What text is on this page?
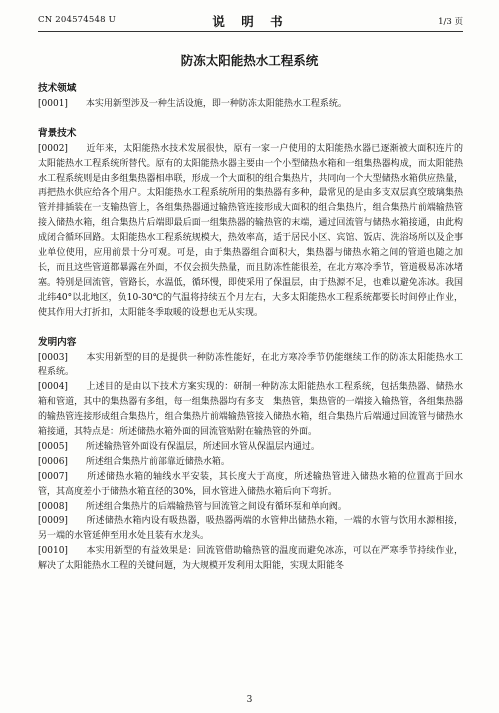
CN 204574548 U	说 明 书	1/3 页
防冻太阳能热水工程系统
技术领域

[0001]　　本实用新型涉及一种生活设施，即一种防冻太阳能热水工程系统。

背景技术

[0002]　　近年来，太阳能热水技术发展很快，原有一家一户使用的太阳能热水器已逐渐被大面积连片的太阳能热水工程系统所替代。原有的太阳能热水器主要由一个小型储热水箱和一组集热器构成，而太阳能热水工程系统则是由多组集热器相串联，形成一个大面积的组合集热片，共同向一个大型储热水箱供应热量，再把热水供应给各个用户。太阳能热水工程系统所用的集热器有多种，最常见的是由多支双层真空玻璃集热管并排插装在一支输热管上，各组集热器通过输热管连接形成大面积的组合集热片，组合集热片前端输热管接入储热水箱，组合集热片后端即最后面一组集热器的输热管的末端，通过回流管与储热水箱接通，由此构成闭合循环回路。太阳能热水工程系统规模大，热效率高，适于居民小区、宾馆、饭店、洗浴场所以及企事业单位使用，应用前景十分可观。可是，由于集热器组合面积大，集热器与储热水箱之间的管道也随之加长，而且这些管道都暴露在外面，不仅会损失热量，而且防冻性能很差，在北方寒冷季节，管道极易冻冰堵塞。特别是回流管，管路长，水温低，循环慢，即使采用了保温层，由于热源不足，也难以避免冻冰。我国北纬40°以北地区，负10-30℃的气温将持续五个月左右，大多太阳能热水工程系统都要长时间停止作业，使其作用大打折扣，太阳能冬季取暖的设想也无从实现。

发明内容

[0003]　　本实用新型的目的是提供一种防冻性能好，在北方寒冷季节仍能继续工作的防冻太阳能热水工程系统。

[0004]　　上述目的是由以下技术方案实现的：研制一种防冻太阳能热水工程系统，包括集热器、储热水箱和管道，其中的集热器有多组，每一组集热器均有多支　集热管，集热管的一端接入输热管，各组集热器的输热管连接形成组合集热片，组合集热片前端输热管接入储热水箱，组合集热片后端通过回流管与储热水箱接通，其特点是：所述储热水箱外面的回流管贴附在输热管的外面。

[0005]　　所述输热管外面设有保温层，所述回水管从保温层内通过。

[0006]　　所述组合集热片前部靠近储热水箱。

[0007]　　所述储热水箱的轴线水平安装，其长度大于高度，所述输热管进入储热水箱的位置高于回水管，其高度差小于储热水箱直径的30%，回水管进入储热水箱后向下弯折。

[0008]　　所述组合集热片的后端输热管与回流管之间设有循环泵和单向阀。

[0009]　　所述储热水箱内设有吸热器，吸热器两端的水管伸出储热水箱，一端的水管与饮用水源相接，另一端的水管延伸至用水处且装有水龙头。

[0010]　　本实用新型的有益效果是：回流管借助输热管的温度而避免冰冻，可以在严寒季节持续作业，解决了太阳能热水工程的关键问题，为大规模开发利用太阳能，实现太阳能冬

3
